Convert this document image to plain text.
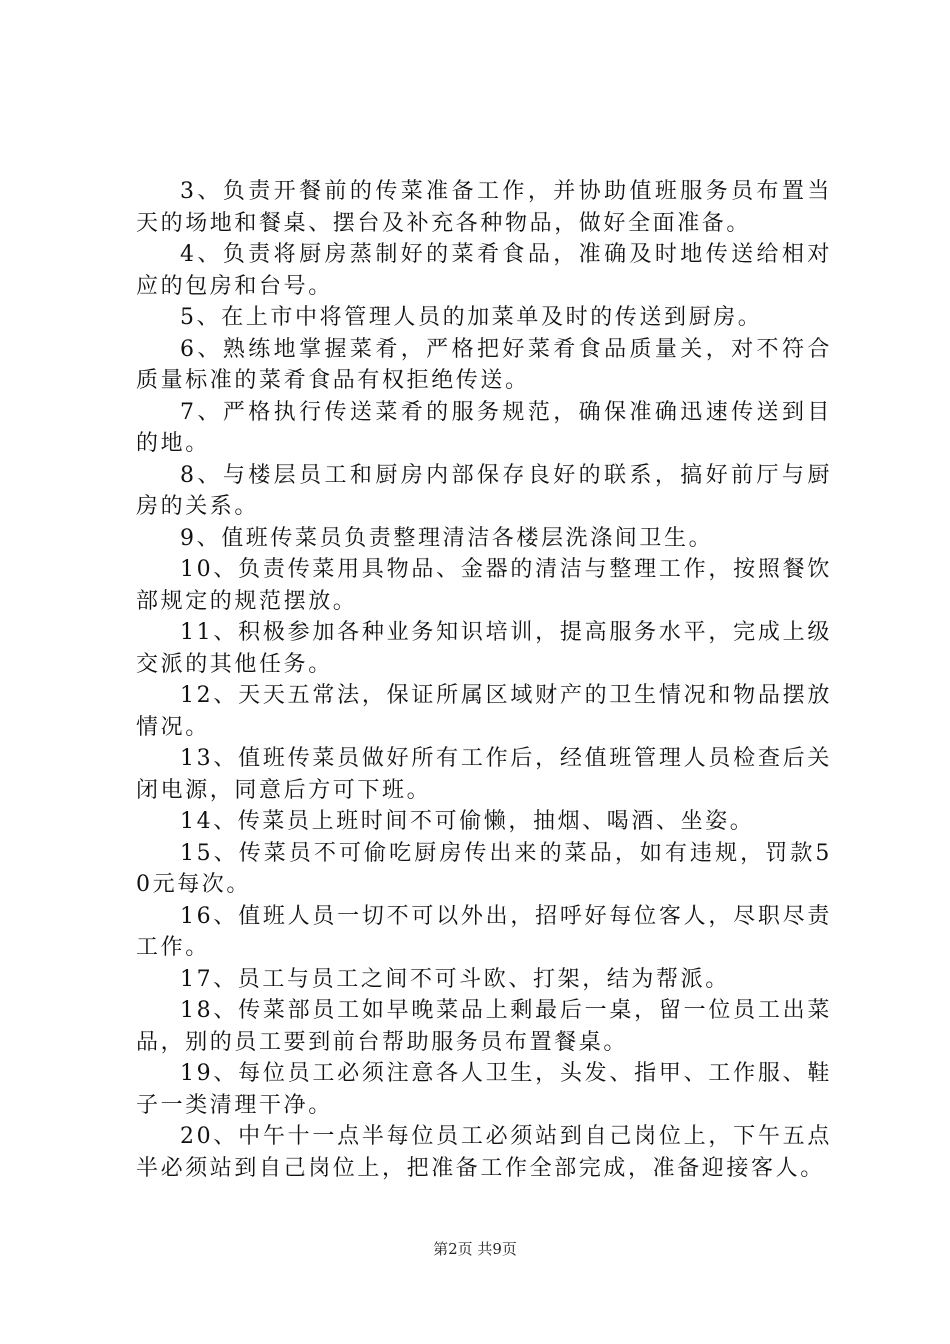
3、负责开餐前的传菜准备工作，并协助值班服务员布置当天的场地和餐桌、摆台及补充各种物品，做好全面准备。

4、负责将厨房蒸制好的菜肴食品，准确及时地传送给相对应的包房和台号。

5、在上市中将管理人员的加菜单及时的传送到厨房。

6、熟练地掌握菜肴，严格把好菜肴食品质量关，对不符合质量标准的菜肴食品有权拒绝传送。

7、严格执行传送菜肴的服务规范，确保准确迅速传送到目的地。

8、与楼层员工和厨房内部保存良好的联系，搞好前厅与厨房的关系。

9、值班传菜员负责整理清洁各楼层洗涤间卫生。

10、负责传菜用具物品、金器的清洁与整理工作，按照餐饮部规定的规范摆放。

11、积极参加各种业务知识培训，提高服务水平，完成上级交派的其他任务。

12、天天五常法，保证所属区域财产的卫生情况和物品摆放情况。

13、值班传菜员做好所有工作后，经值班管理人员检查后关闭电源，同意后方可下班。

14、传菜员上班时间不可偷懒，抽烟、喝酒、坐姿。

15、传菜员不可偷吃厨房传出来的菜品，如有违规，罚款50元每次。

16、值班人员一切不可以外出，招呼好每位客人，尽职尽责工作。

17、员工与员工之间不可斗欧、打架，结为帮派。

18、传菜部员工如早晚菜品上剩最后一桌，留一位员工出菜品，别的员工要到前台帮助服务员布置餐桌。

19、每位员工必须注意各人卫生，头发、指甲、工作服、鞋子一类清理干净。

20、中午十一点半每位员工必须站到自己岗位上，下午五点半必须站到自己岗位上，把准备工作全部完成，准备迎接客人。

第2页 共9页
